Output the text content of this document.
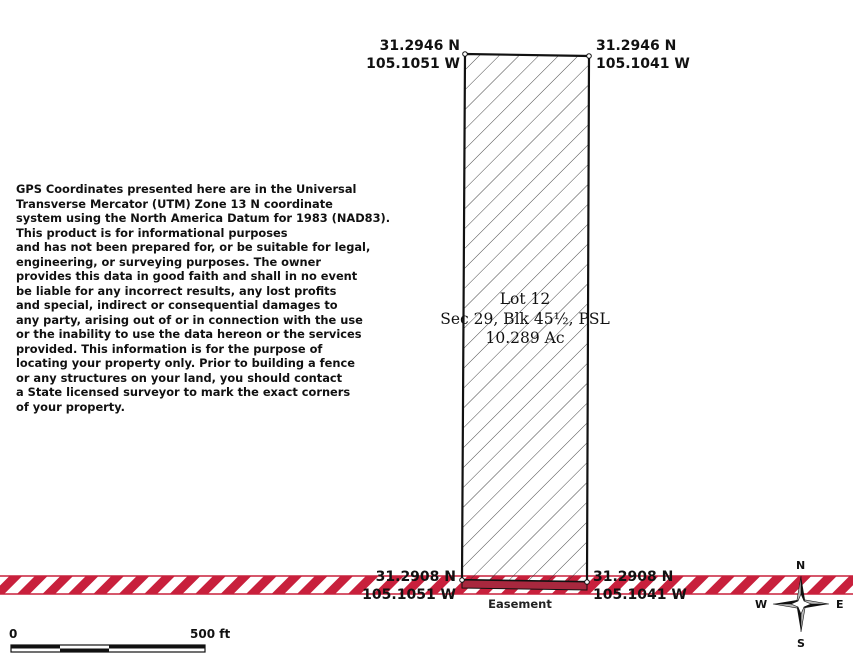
GPS Coordinates presented here are in the Universal
Transverse Mercator (UTM) Zone 13 N coordinate
system using the North America Datum for 1983 (NAD83).
This product is for informational purposes
and has not been prepared for, or be suitable for legal,
engineering, or surveying purposes. The owner
provides this data in good faith and shall in no event
be liable for any incorrect results, any lost profits
and special, indirect or consequential damages to
any party, arising out of or in connection with the use
or the inability to use the data hereon or the services
provided. This information is for the purpose of
locating your property only. Prior to building a fence
or any structures on your land, you should contact
a State licensed surveyor to mark the exact corners
of your property.
31.2946 N
105.1051 W
31.2946 N
105.1041 W
31.2908 N
105.1051 W
31.2908 N
105.1041 W
Lot 12
Sec 29, Blk 45½, PSL
10.289 Ac
Easement
0	500 ft
N
S
E
W
